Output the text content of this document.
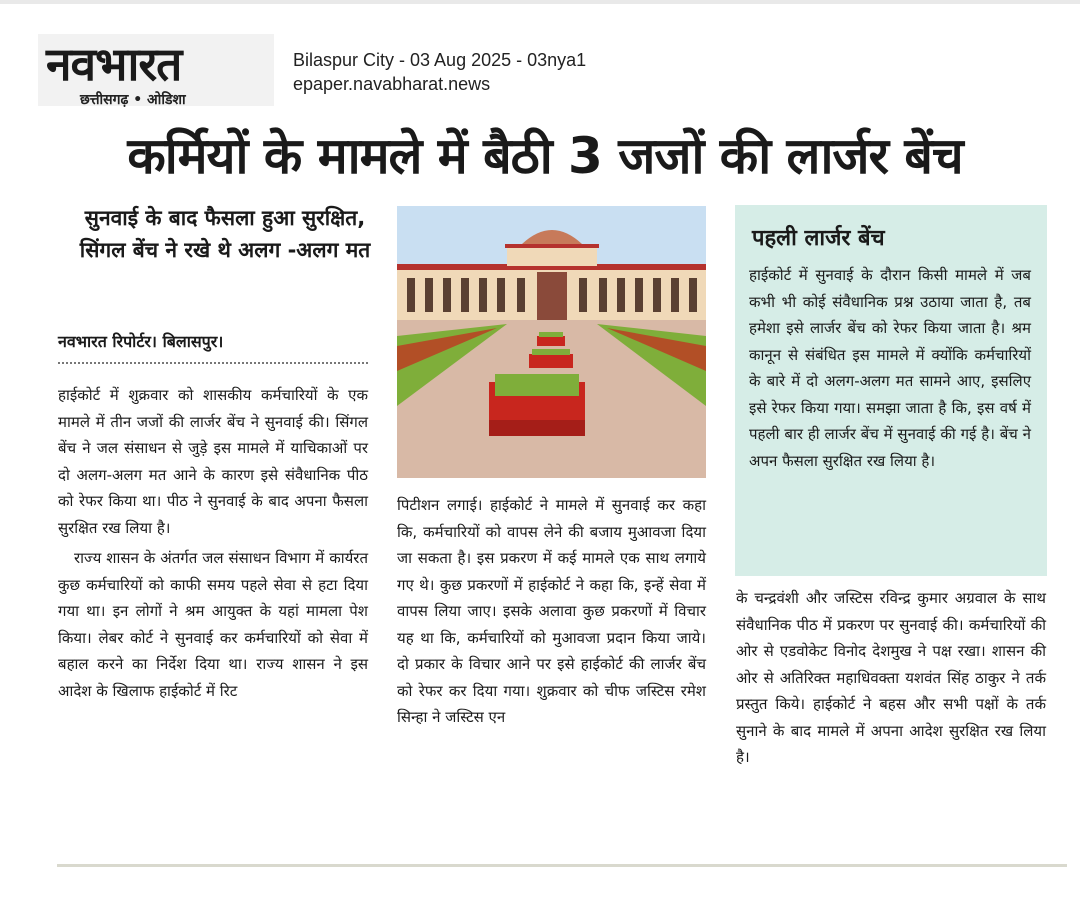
नवभारत
छत्तीसगढ़ • ओडिशा
Bilaspur City - 03 Aug 2025 - 03nya1
epaper.navabharat.news
कर्मियों के मामले में बैठी 3 जजों की लार्जर बेंच
सुनवाई के बाद फैसला हुआ सुरक्षित, सिंगल बेंच ने रखे थे अलग -अलग मत
नवभारत रिपोर्टर। बिलासपुर।

हाईकोर्ट में शुक्रवार को शासकीय कर्मचारियों के एक मामले में तीन जजों की लार्जर बेंच ने सुनवाई की। सिंगल बेंच ने जल संसाधन से जुड़े इस मामले में याचिकाओं पर दो अलग-अलग मत आने के कारण इसे संवैधानिक पीठ को रेफर किया था। पीठ ने सुनवाई के बाद अपना फैसला सुरक्षित रख लिया है।

राज्य शासन के अंतर्गत जल संसाधन विभाग में कार्यरत कुछ कर्मचारियों को काफी समय पहले सेवा से हटा दिया गया था। इन लोगों ने श्रम आयुक्त के यहां मामला पेश किया। लेबर कोर्ट ने सुनवाई कर कर्मचारियों को सेवा में बहाल करने का निर्देश दिया था। राज्य शासन ने इस आदेश के खिलाफ हाईकोर्ट में रिट

पिटीशन लगाई। हाईकोर्ट ने मामले में सुनवाई कर कहा कि, कर्मचारियों को वापस लेने की बजाय मुआवजा दिया जा सकता है। इस प्रकरण में कई मामले एक साथ लगाये गए थे। कुछ प्रकरणों में हाईकोर्ट ने कहा कि, इन्हें सेवा में वापस लिया जाए। इसके अलावा कुछ प्रकरणों में विचार यह था कि, कर्मचारियों को मुआवजा प्रदान किया जाये। दो प्रकार के विचार आने पर इसे हाईकोर्ट की लार्जर बेंच को रेफर कर दिया गया। शुक्रवार को चीफ जस्टिस रमेश सिन्हा ने जस्टिस एन

पहली लार्जर बेंच

हाईकोर्ट में सुनवाई के दौरान किसी मामले में जब कभी भी कोई संवैधानिक प्रश्न उठाया जाता है, तब हमेशा इसे लार्जर बेंच को रेफर किया जाता है। श्रम कानून से संबंधित इस मामले में क्योंकि कर्मचारियों के बारे में दो अलग-अलग मत सामने आए, इसलिए इसे रेफर किया गया। समझा जाता है कि, इस वर्ष में पहली बार ही लार्जर बेंच में सुनवाई की गई है। बेंच ने अपन फैसला सुरक्षित रख लिया है।

के चन्द्रवंशी और जस्टिस रविन्द्र कुमार अग्रवाल के साथ संवैधानिक पीठ में प्रकरण पर सुनवाई की। कर्मचारियों की ओर से एडवोकेट विनोद देशमुख ने पक्ष रखा। शासन की ओर से अतिरिक्त महाधिवक्ता यशवंत सिंह ठाकुर ने तर्क प्रस्तुत किये। हाईकोर्ट ने बहस और सभी पक्षों के तर्क सुनाने के बाद मामले में अपना आदेश सुरक्षित रख लिया है।
